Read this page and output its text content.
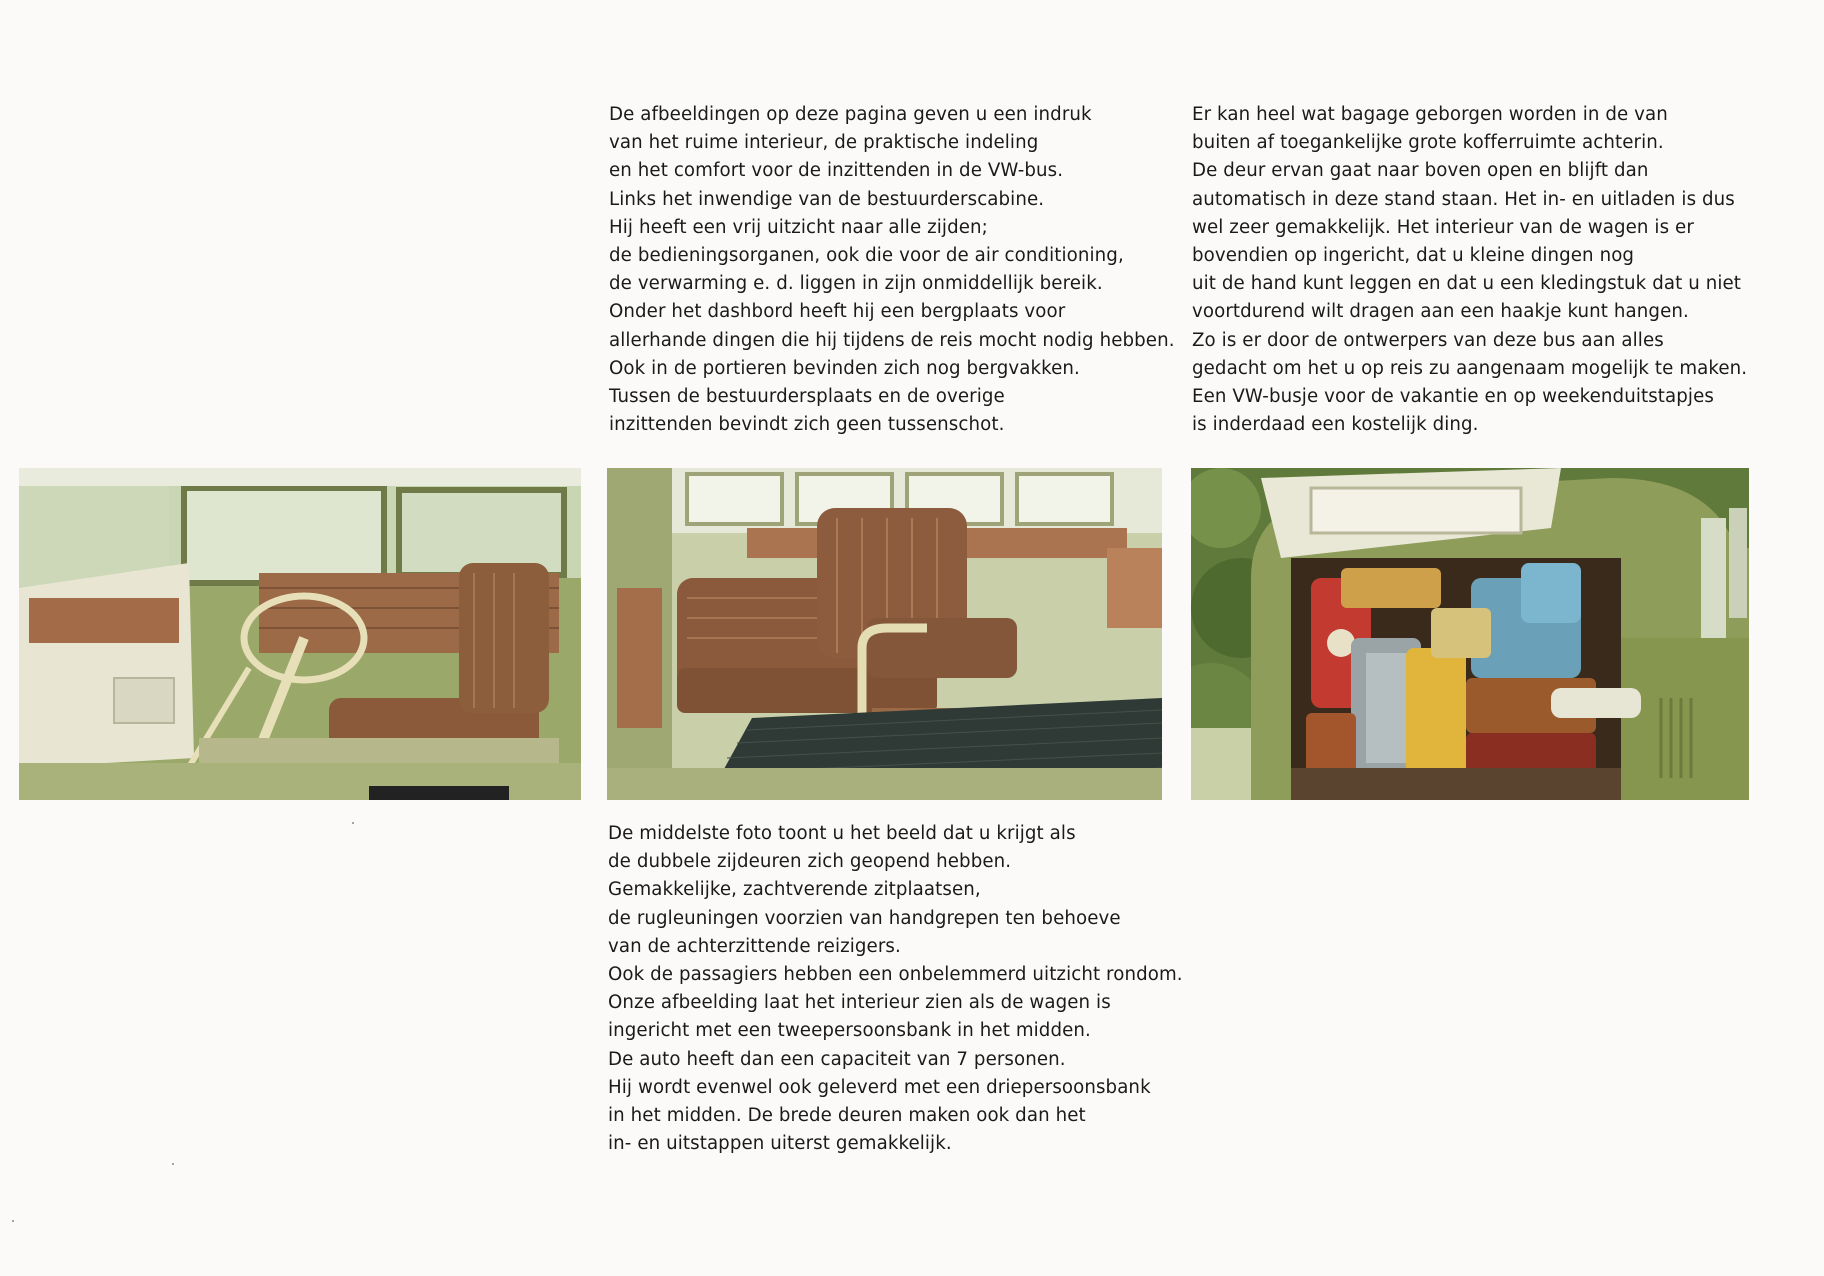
De afbeeldingen op deze pagina geven u een indruk
van het ruime interieur, de praktische indeling
en het comfort voor de inzittenden in de VW-bus.
Links het inwendige van de bestuurderscabine.
Hij heeft een vrij uitzicht naar alle zijden;
de bedieningsorganen, ook die voor de air conditioning,
de verwarming e. d. liggen in zijn onmiddellijk bereik.
Onder het dashbord heeft hij een bergplaats voor
allerhande dingen die hij tijdens de reis mocht nodig hebben.
Ook in de portieren bevinden zich nog bergvakken.
Tussen de bestuurdersplaats en de overige
inzittenden bevindt zich geen tussenschot.
Er kan heel wat bagage geborgen worden in de van
buiten af toegankelijke grote kofferruimte achterin.
De deur ervan gaat naar boven open en blijft dan
automatisch in deze stand staan. Het in- en uitladen is dus
wel zeer gemakkelijk. Het interieur van de wagen is er
bovendien op ingericht, dat u kleine dingen nog
uit de hand kunt leggen en dat u een kledingstuk dat u niet
voortdurend wilt dragen aan een haakje kunt hangen.
Zo is er door de ontwerpers van deze bus aan alles
gedacht om het u op reis zu aangenaam mogelijk te maken.
Een VW-busje voor de vakantie en op weekenduitstapjes
is inderdaad een kostelijk ding.
De middelste foto toont u het beeld dat u krijgt als
de dubbele zijdeuren zich geopend hebben.
Gemakkelijke, zachtverende zitplaatsen,
de rugleuningen voorzien van handgrepen ten behoeve
van de achterzittende reizigers.
Ook de passagiers hebben een onbelemmerd uitzicht rondom.
Onze afbeelding laat het interieur zien als de wagen is
ingericht met een tweepersoonsbank in het midden.
De auto heeft dan een capaciteit van 7 personen.
Hij wordt evenwel ook geleverd met een driepersoonsbank
in het midden. De brede deuren maken ook dan het
in- en uitstappen uiterst gemakkelijk.
